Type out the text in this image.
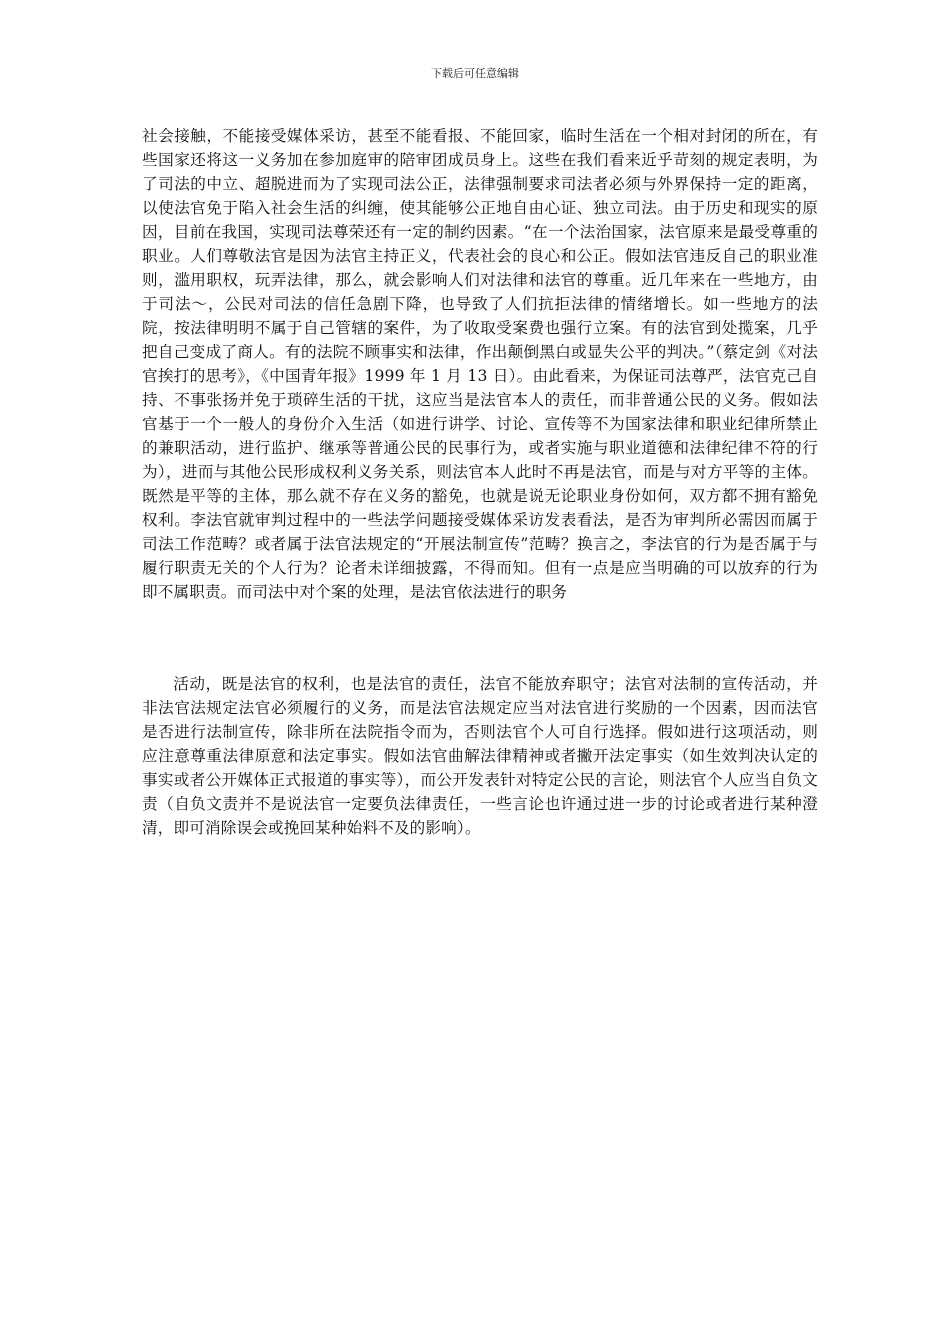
下载后可任意编辑

社会接触，不能接受媒体采访，甚至不能看报、不能回家，临时生活在一个相对封闭的所在，有些国家还将这一义务加在参加庭审的陪审团成员身上。这些在我们看来近乎苛刻的规定表明，为了司法的中立、超脱进而为了实现司法公正，法律强制要求司法者必须与外界保持一定的距离，以使法官免于陷入社会生活的纠缠，使其能够公正地自由心证、独立司法。由于历史和现实的原因，目前在我国，实现司法尊荣还有一定的制约因素。“在一个法治国家，法官原来是最受尊重的职业。人们尊敬法官是因为法官主持正义，代表社会的良心和公正。假如法官违反自己的职业准则，滥用职权，玩弄法律，那么，就会影响人们对法律和法官的尊重。近几年来在一些地方，由于司法～，公民对司法的信任急剧下降，也导致了人们抗拒法律的情绪增长。如一些地方的法院，按法律明明不属于自己管辖的案件，为了收取受案费也强行立案。有的法官到处揽案，几乎把自己变成了商人。有的法院不顾事实和法律，作出颠倒黑白或显失公平的判决。”（蔡定剑《对法官挨打的思考》，《中国青年报》1999 年 1 月 13 日）。由此看来，为保证司法尊严，法官克己自持、不事张扬并免于琐碎生活的干扰，这应当是法官本人的责任，而非普通公民的义务。假如法官基于一个一般人的身份介入生活（如进行讲学、讨论、宣传等不为国家法律和职业纪律所禁止的兼职活动，进行监护、继承等普通公民的民事行为，或者实施与职业道德和法律纪律不符的行为），进而与其他公民形成权利义务关系，则法官本人此时不再是法官，而是与对方平等的主体。既然是平等的主体，那么就不存在义务的豁免，也就是说无论职业身份如何，双方都不拥有豁免权利。李法官就审判过程中的一些法学问题接受媒体采访发表看法，是否为审判所必需因而属于司法工作范畴？或者属于法官法规定的“开展法制宣传”范畴？换言之，李法官的行为是否属于与履行职责无关的个人行为？论者未详细披露，不得而知。但有一点是应当明确的可以放弃的行为即不属职责。而司法中对个案的处理，是法官依法进行的职务

活动，既是法官的权利，也是法官的责任，法官不能放弃职守；法官对法制的宣传活动，并非法官法规定法官必须履行的义务，而是法官法规定应当对法官进行奖励的一个因素，因而法官是否进行法制宣传，除非所在法院指令而为，否则法官个人可自行选择。假如进行这项活动，则应注意尊重法律原意和法定事实。假如法官曲解法律精神或者撇开法定事实（如生效判决认定的事实或者公开媒体正式报道的事实等），而公开发表针对特定公民的言论，则法官个人应当自负文责（自负文责并不是说法官一定要负法律责任，一些言论也许通过进一步的讨论或者进行某种澄清，即可消除误会或挽回某种始料不及的影响）。
